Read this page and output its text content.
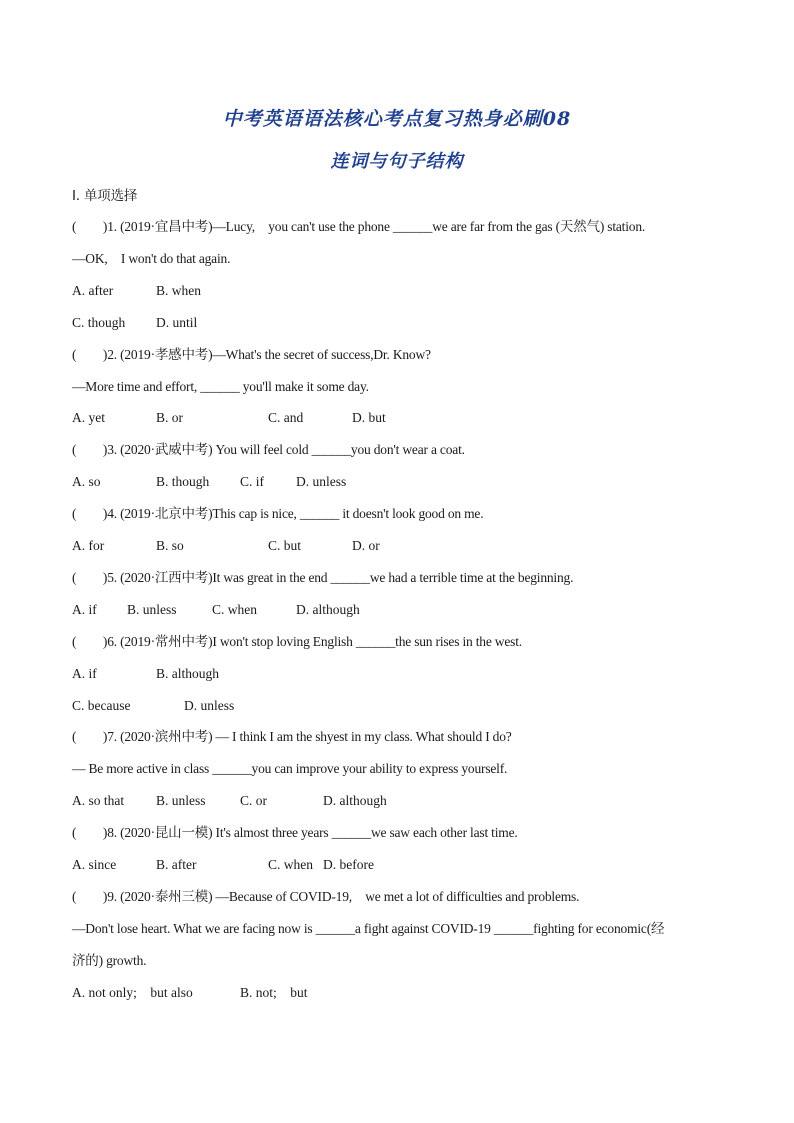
中考英语语法核心考点复习热身必刷08
连词与句子结构
Ⅰ. 单项选择
(　　)1. (2019·宜昌中考)—Lucy,　you can't use the phone ______we are far from the gas (天然气) station.
—OK,　I won't do that again.
A. after	B. when
C. though D. until
(　　)2. (2019·孝感中考)—What's the secret of success,Dr. Know?
—More time and effort, ______ you'll make it some day.
A. yet	B. or	C. and	D. but
(　　)3. (2020·武威中考) You will feel cold ______you don't wear a coat.
A. so	B. though C. if D. unless
(　　)4. (2019·北京中考)This cap is nice, ______ it doesn't look good on me.
A. for	B. so	C. but	D. or
(　　)5. (2020·江西中考)It was great in the end ______we had a terrible time at the beginning.
A. if B. unless	C. when	D. although
(　　)6. (2019·常州中考)I won't stop loving English ______the sun rises in the west.
A. if	B. although
C. because	D. unless
(　　)7. (2020·滨州中考) — I think I am the shyest in my class. What should I do?
— Be more active in class ______you can improve your ability to express yourself.
A. so that B. unless	C. or	D. although
(　　)8. (2020·昆山一模) It's almost three years ______we saw each other last time.
A. since	B. after	C. when D. before
(　　)9. (2020·泰州三模) —Because of COVID-19,　we met a lot of difficulties and problems.
—Don't lose heart. What we are facing now is ______a fight against COVID-19 ______fighting for economic(经
济的) growth.
A. not only;　but also	B. not;　but
